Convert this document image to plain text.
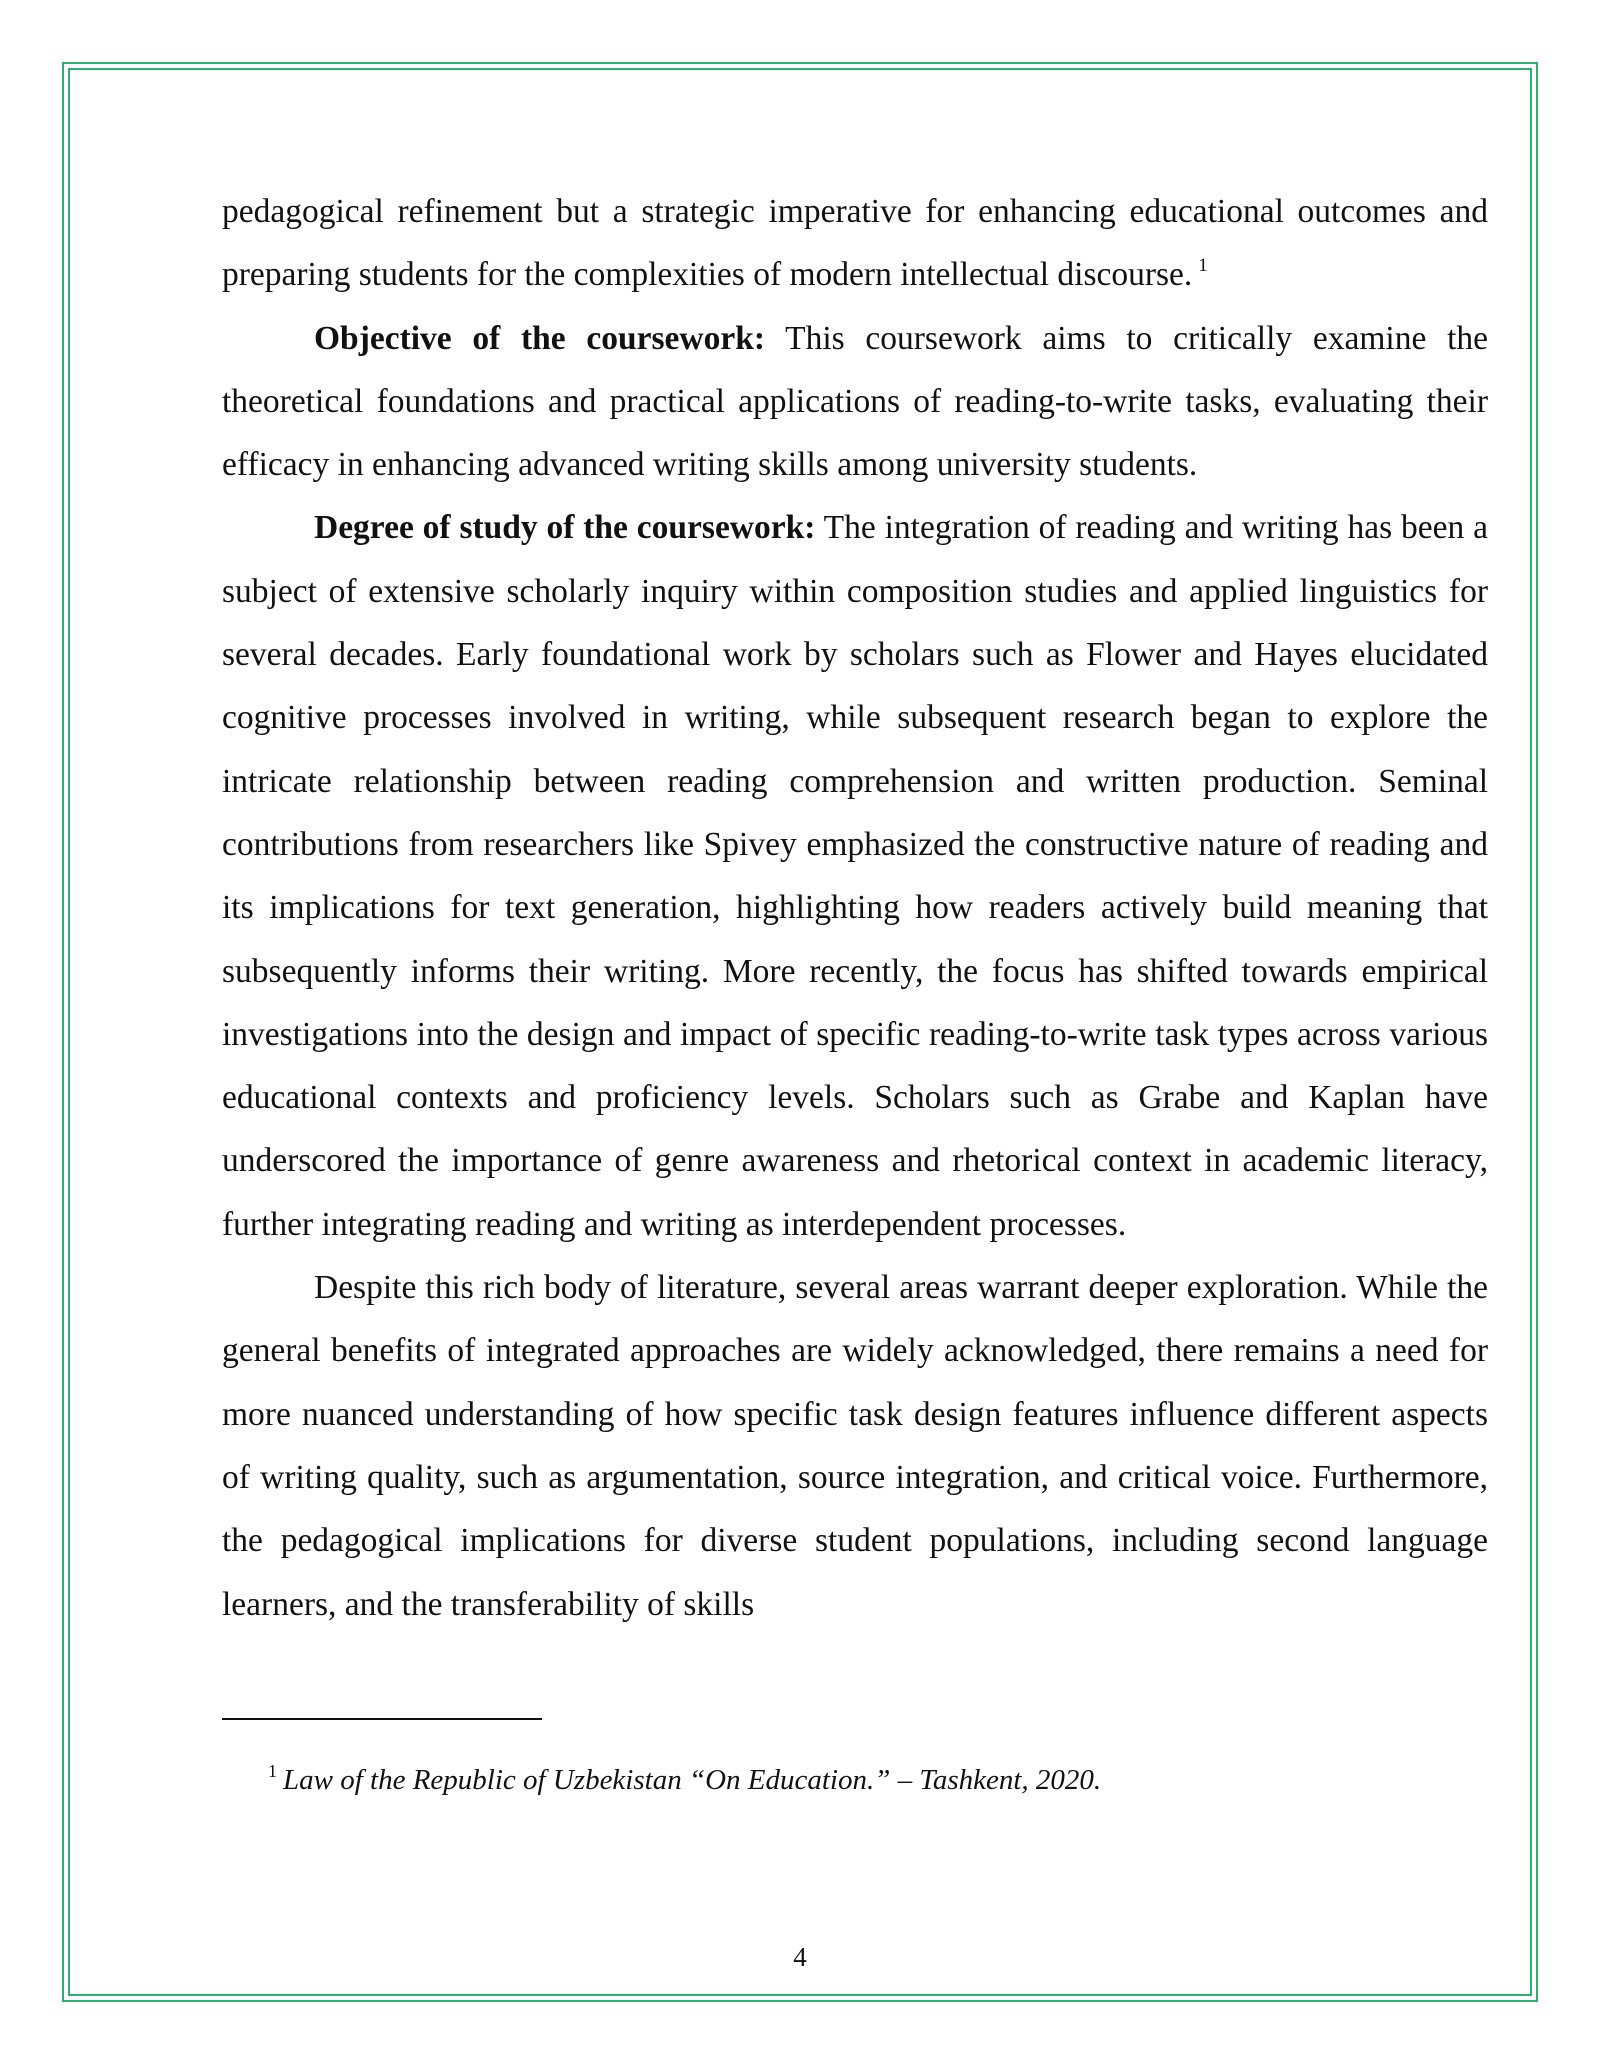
pedagogical refinement but a strategic imperative for enhancing educational outcomes and preparing students for the complexities of modern intellectual discourse. $^1$

Objective of the coursework: This coursework aims to critically examine the theoretical foundations and practical applications of reading-to-write tasks, evaluating their efficacy in enhancing advanced writing skills among university students.

Degree of study of the coursework: The integration of reading and writing has been a subject of extensive scholarly inquiry within composition studies and applied linguistics for several decades. Early foundational work by scholars such as Flower and Hayes elucidated cognitive processes involved in writing, while subsequent research began to explore the intricate relationship between reading comprehension and written production. Seminal contributions from researchers like Spivey emphasized the constructive nature of reading and its implications for text generation, highlighting how readers actively build meaning that subsequently informs their writing. More recently, the focus has shifted towards empirical investigations into the design and impact of specific reading-to-write task types across various educational contexts and proficiency levels. Scholars such as Grabe and Kaplan have underscored the importance of genre awareness and rhetorical context in academic literacy, further integrating reading and writing as interdependent processes.

Despite this rich body of literature, several areas warrant deeper exploration. While the general benefits of integrated approaches are widely acknowledged, there remains a need for more nuanced understanding of how specific task design features influence different aspects of writing quality, such as argumentation, source integration, and critical voice. Furthermore, the pedagogical implications for diverse student populations, including second language learners, and the transferability of skills

$^1$ Law of the Republic of Uzbekistan “On Education.” – Tashkent, 2020.
4
